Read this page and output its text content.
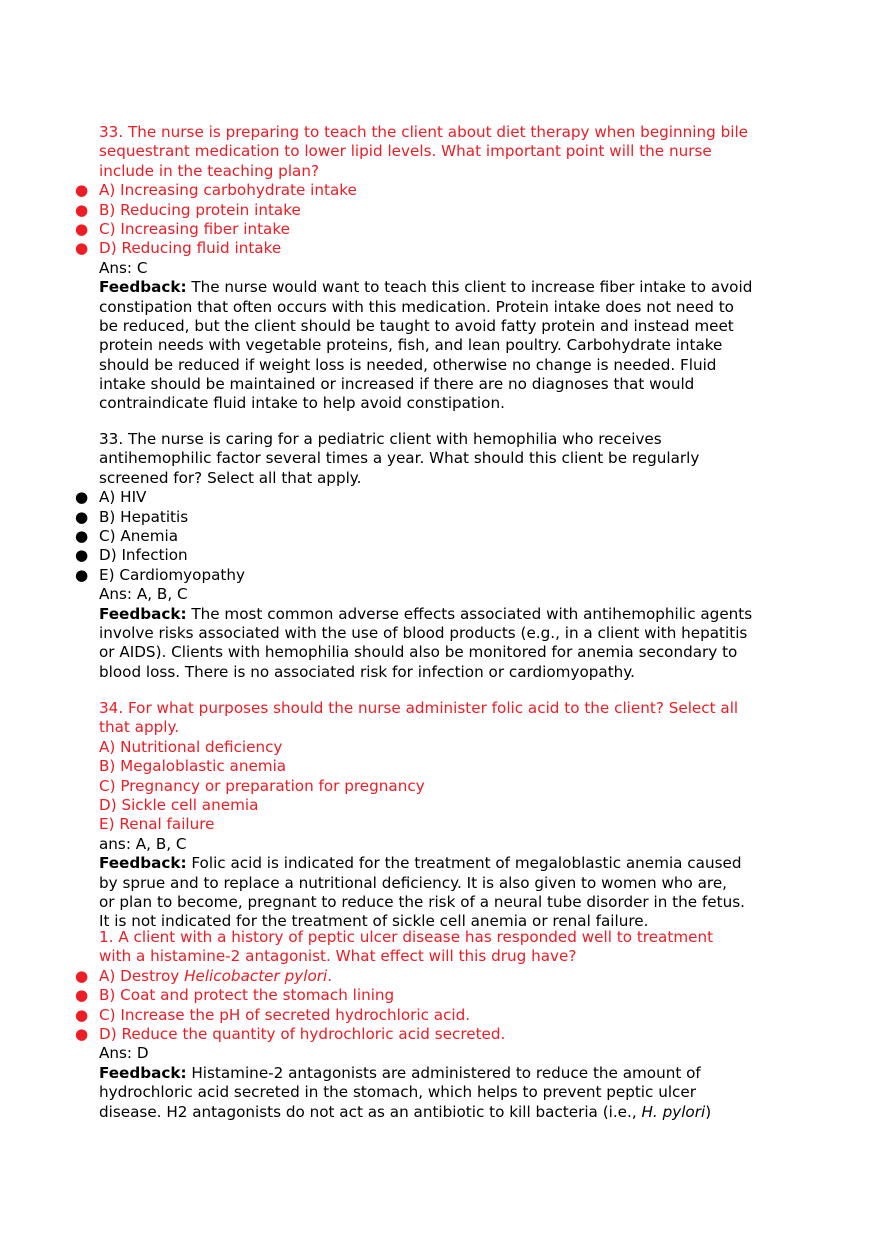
33. The nurse is preparing to teach the client about diet therapy when beginning bile
sequestrant medication to lower lipid levels. What important point will the nurse
include in the teaching plan?
● A) Increasing carbohydrate intake
● B) Reducing protein intake
● C) Increasing fiber intake
● D) Reducing fluid intake
Ans: C
Feedback: The nurse would want to teach this client to increase fiber intake to avoid
constipation that often occurs with this medication. Protein intake does not need to
be reduced, but the client should be taught to avoid fatty protein and instead meet
protein needs with vegetable proteins, fish, and lean poultry. Carbohydrate intake
should be reduced if weight loss is needed, otherwise no change is needed. Fluid
intake should be maintained or increased if there are no diagnoses that would
contraindicate fluid intake to help avoid constipation.
33. The nurse is caring for a pediatric client with hemophilia who receives
antihemophilic factor several times a year. What should this client be regularly
screened for? Select all that apply.
● A) HIV
● B) Hepatitis
● C) Anemia
● D) Infection
● E) Cardiomyopathy
Ans: A, B, C
Feedback: The most common adverse effects associated with antihemophilic agents
involve risks associated with the use of blood products (e.g., in a client with hepatitis
or AIDS). Clients with hemophilia should also be monitored for anemia secondary to
blood loss. There is no associated risk for infection or cardiomyopathy.
34. For what purposes should the nurse administer folic acid to the client? Select all
that apply.
A) Nutritional deficiency
B) Megaloblastic anemia
C) Pregnancy or preparation for pregnancy
D) Sickle cell anemia
E) Renal failure
ans: A, B, C
Feedback: Folic acid is indicated for the treatment of megaloblastic anemia caused
by sprue and to replace a nutritional deficiency. It is also given to women who are,
or plan to become, pregnant to reduce the risk of a neural tube disorder in the fetus.
It is not indicated for the treatment of sickle cell anemia or renal failure.
1. A client with a history of peptic ulcer disease has responded well to treatment
with a histamine-2 antagonist. What effect will this drug have?
● A) Destroy Helicobacter pylori.
● B) Coat and protect the stomach lining
● C) Increase the pH of secreted hydrochloric acid.
● D) Reduce the quantity of hydrochloric acid secreted.
Ans: D
Feedback: Histamine-2 antagonists are administered to reduce the amount of
hydrochloric acid secreted in the stomach, which helps to prevent peptic ulcer
disease. H2 antagonists do not act as an antibiotic to kill bacteria (i.e., H. pylori)
